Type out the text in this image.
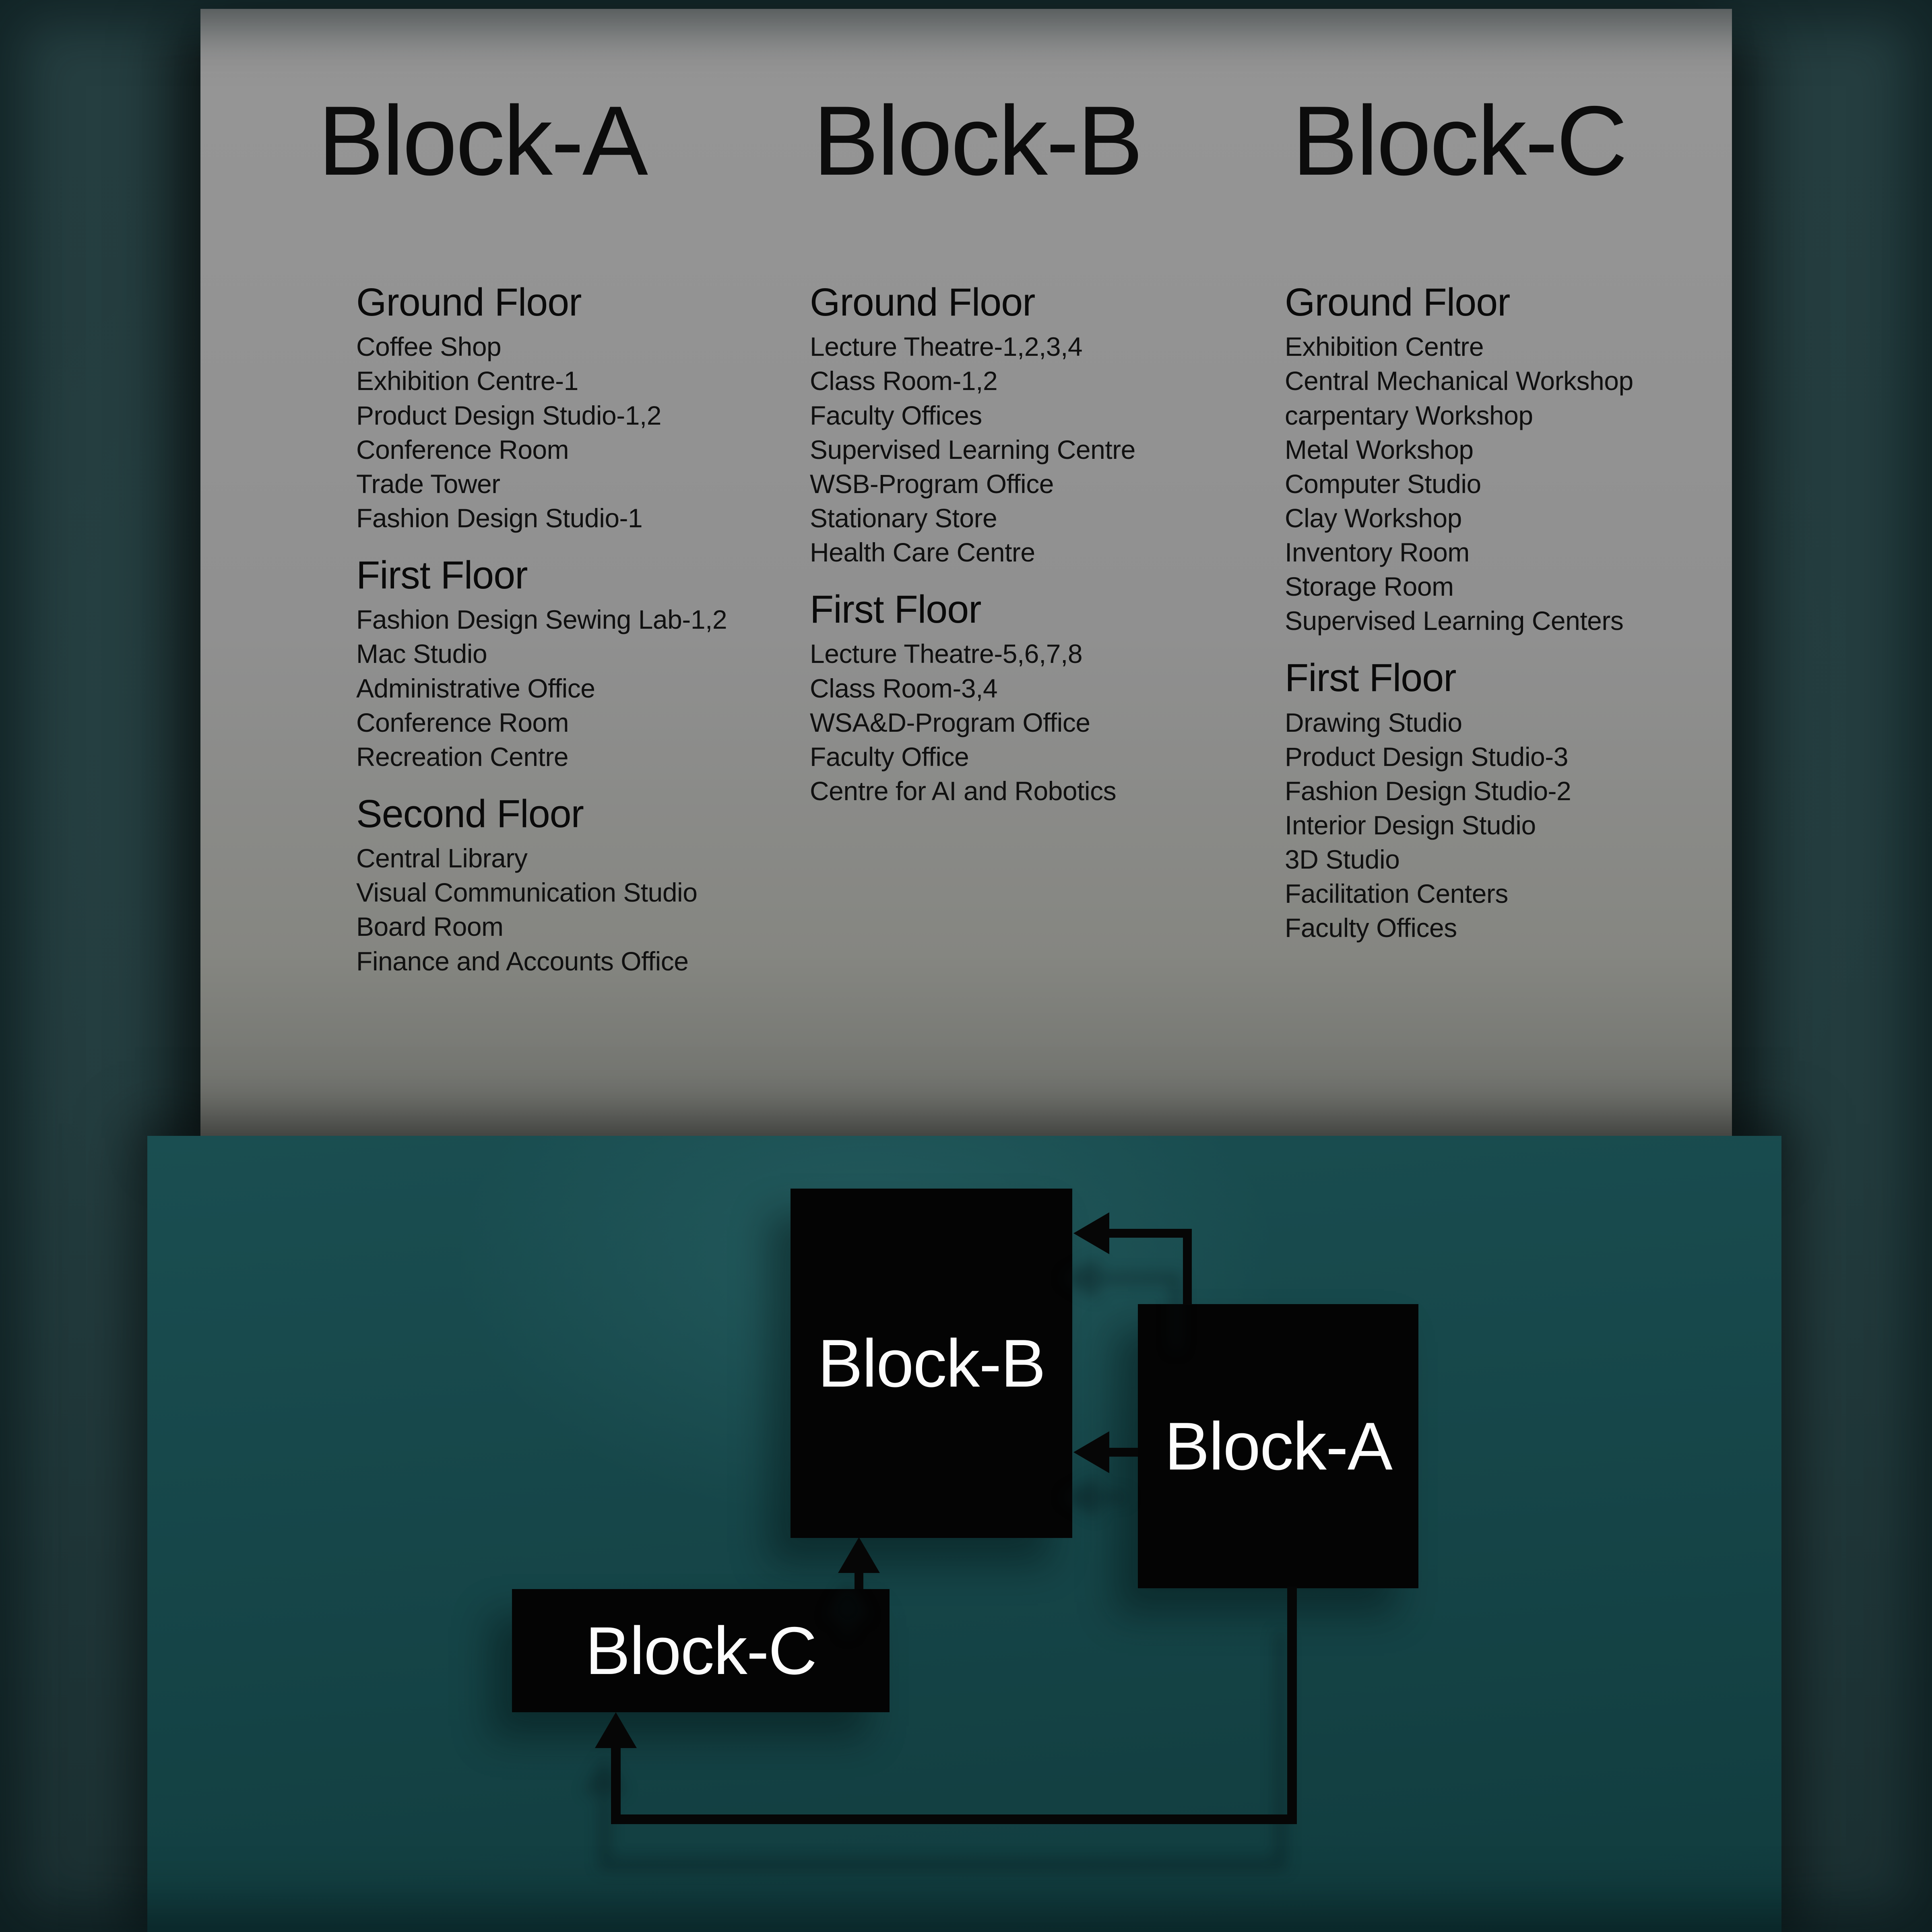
Block-A Block-B Block-C
Ground Floor
Coffee Shop
Exhibition Centre-1
Product Design Studio-1,2
Conference Room
Trade Tower
Fashion Design Studio-1
First Floor
Fashion Design Sewing Lab-1,2
Mac Studio
Administrative Office
Conference Room
Recreation Centre
Second Floor
Central Library
Visual Communication Studio
Board Room
Finance and Accounts Office
Ground Floor
Lecture Theatre-1,2,3,4
Class Room-1,2
Faculty Offices
Supervised Learning Centre
WSB-Program Office
Stationary Store
Health Care Centre
First Floor
Lecture Theatre-5,6,7,8
Class Room-3,4
WSA&D-Program Office
Faculty Office
Centre for AI and Robotics
Ground Floor
Exhibition Centre
Central Mechanical Workshop
carpentary Workshop
Metal Workshop
Computer Studio
Clay Workshop
Inventory Room
Storage Room
Supervised Learning Centers
First Floor
Drawing Studio
Product Design Studio-3
Fashion Design Studio-2
Interior Design Studio
3D Studio
Facilitation Centers
Faculty Offices
Block-B
Block-A
Block-C
